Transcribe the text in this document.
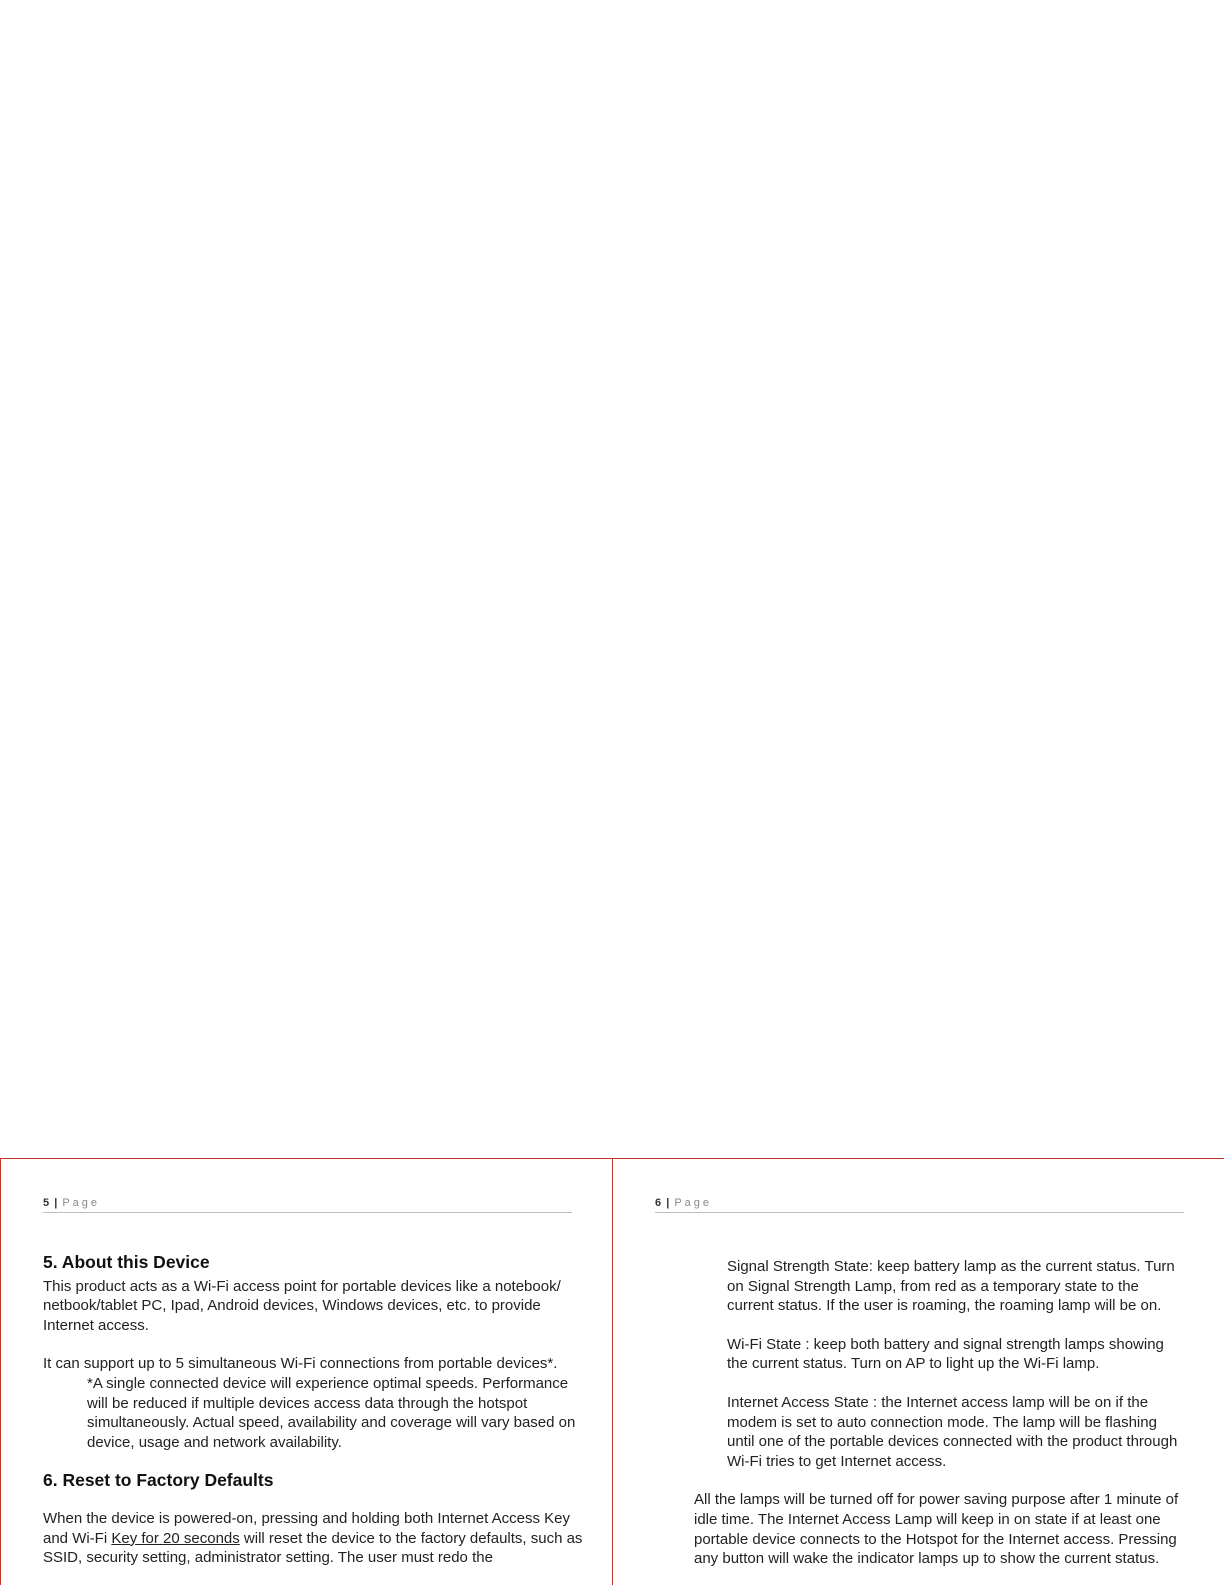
5 | Page
5. About this Device

This product acts as a Wi-Fi access point for portable devices like a notebook/ netbook/tablet PC, Ipad, Android devices, Windows devices, etc. to provide Internet access.

It can support up to 5 simultaneous Wi-Fi connections from portable devices*.

*A single connected device will experience optimal speeds. Performance will be reduced if multiple devices access data through the hotspot simultaneously. Actual speed, availability and coverage will vary based on device, usage and network availability.

6. Reset to Factory Defaults

When the device is powered-on, pressing and holding both Internet Access Key and Wi-Fi Key for 20 seconds will reset the device to the factory defaults, such as SSID, security setting, administrator setting. The user must redo the

6 | Page

Signal Strength State: keep battery lamp as the current status. Turn on Signal Strength Lamp, from red as a temporary state to the current status. If the user is roaming, the roaming lamp will be on.

Wi-Fi State : keep both battery and signal strength lamps showing the current status. Turn on AP to light up the Wi-Fi lamp.

Internet Access State : the Internet access lamp will be on if the modem is set to auto connection mode. The lamp will be flashing until one of the portable devices connected with the product through Wi-Fi tries to get Internet access.

All the lamps will be turned off for power saving purpose after 1 minute of idle time. The Internet Access Lamp will keep in on state if at least one portable device connects to the Hotspot for the Internet access. Pressing any button will wake the indicator lamps up to show the current status.
